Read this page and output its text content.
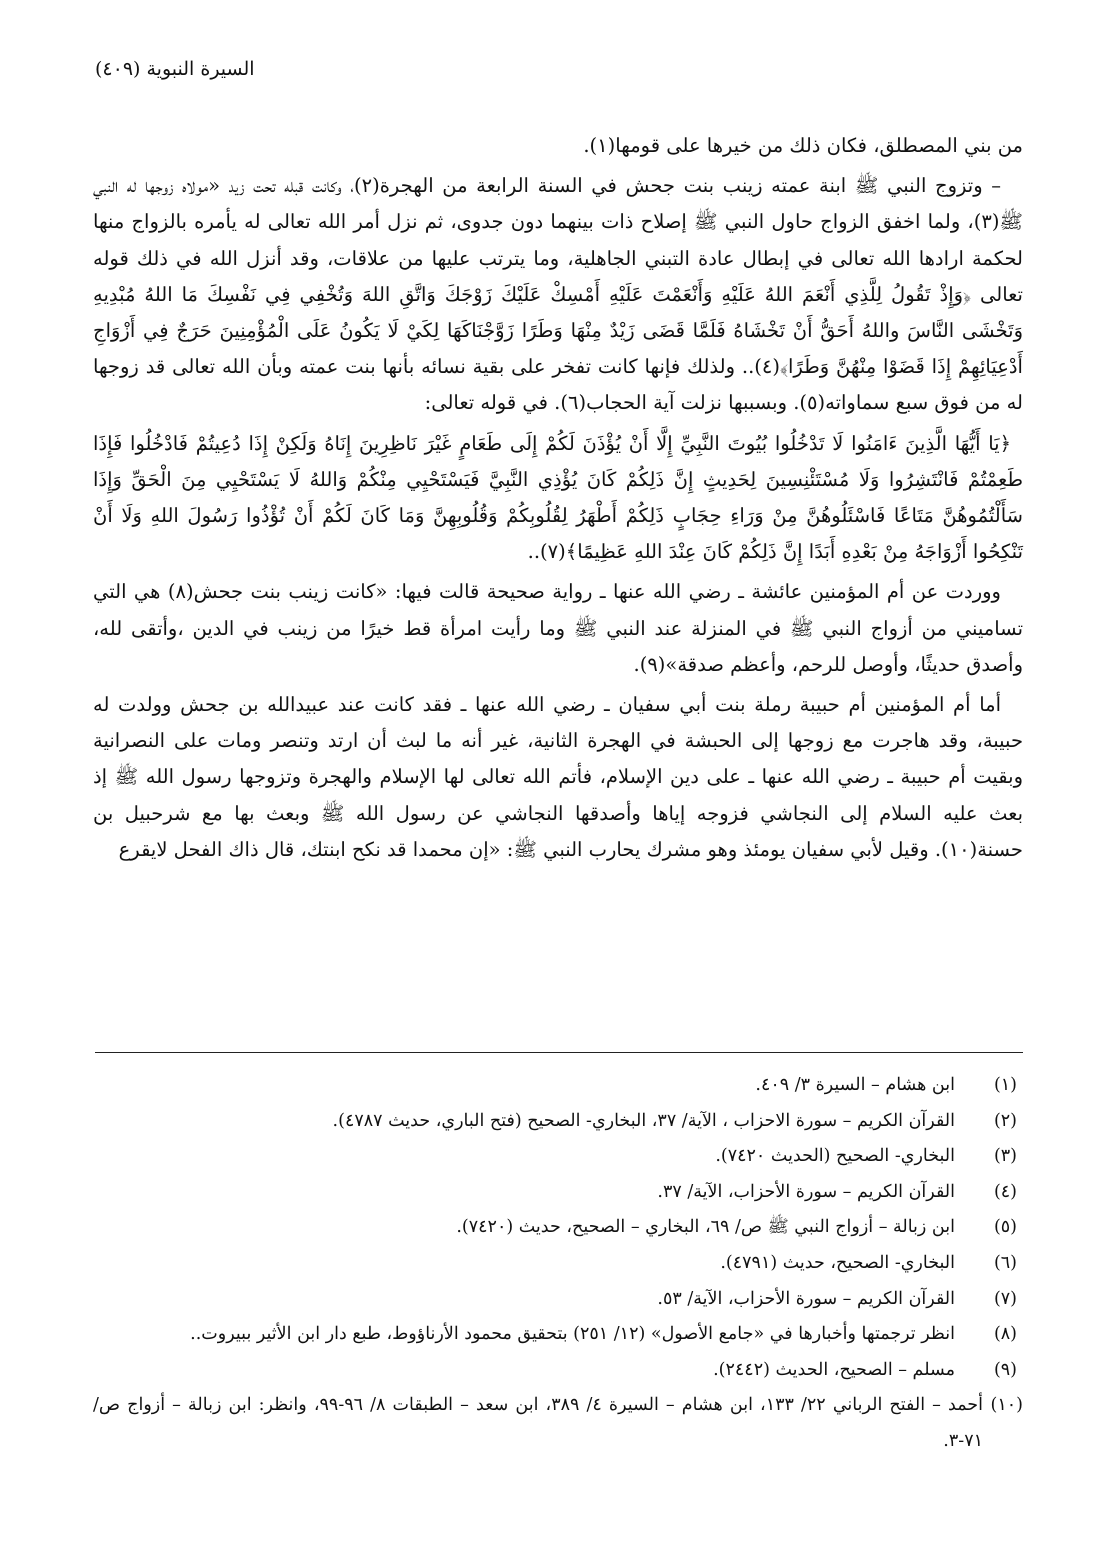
السيرة النبوية (٤٠٩)

من بني المصطلق، فكان ذلك من خيرها على قومها(١).

– وتزوج النبي ﷺ ابنة عمته زينب بنت جحش في السنة الرابعة من الهجرة(٢)، وكانت قبله تحت زيد «مولاه زوجها له النبي ﷺ(٣)، ولما اخفق الزواج حاول النبي ﷺ إصلاح ذات بينهما دون جدوى، ثم نزل أمر الله تعالى له يأمره بالزواج منها لحكمة ارادها الله تعالى في إبطال عادة التبني الجاهلية، وما يترتب عليها من علاقات، وقد أنزل الله في ذلك قوله تعالى ﴿وَإِذْ تَقُولُ لِلَّذِي أَنْعَمَ اللهُ عَلَيْهِ وَأَنْعَمْتَ عَلَيْهِ أَمْسِكْ عَلَيْكَ زَوْجَكَ وَاتَّقِ اللهَ وَتُخْفِي فِي نَفْسِكَ مَا اللهُ مُبْدِيهِ وَتَخْشَى النَّاسَ واللهُ أَحَقُّ أَنْ تَخْشَاهُ فَلَمَّا قَضَى زَيْدٌ مِنْهَا وَطَرًا زَوَّجْنَاكَهَا لِكَيْ لَا يَكُونُ عَلَى الْمُؤْمِنِينَ حَرَجٌ فِي أَزْوَاجِ أَدْعِيَائِهِمْ إِذَا قَضَوْا مِنْهُنَّ وَطَرًا﴾(٤).. ولذلك فإنها كانت تفخر على بقية نسائه بأنها بنت عمته وبأن الله تعالى قد زوجها له من فوق سبع سماواته(٥). وبسببها نزلت آية الحجاب(٦). في قوله تعالى:

﴿يَا أَيُّهَا الَّذِينَ ءَامَنُوا لَا تَدْخُلُوا بُيُوتَ النَّبِيِّ إِلَّا أَنْ يُؤْذَنَ لَكُمْ إِلَى طَعَامٍ غَيْرَ نَاظِرِينَ إِنَاهُ وَلَكِنْ إِذَا دُعِيتُمْ فَادْخُلُوا فَإِذَا طَعِمْتُمْ فَانْتَشِرُوا وَلَا مُسْتَئْنِسِينَ لِحَدِيثٍ إِنَّ ذَلِكُمْ كَانَ يُؤْذِي النَّبِيَّ فَيَسْتَحْيِي مِنْكُمْ وَاللهُ لَا يَسْتَحْيِي مِنَ الْحَقِّ وَإِذَا سَأَلْتُمُوهُنَّ مَتَاعًا فَاسْئَلُوهُنَّ مِنْ وَرَاءِ حِجَابٍ ذَلِكُمْ أَطْهَرُ لِقُلُوبِكُمْ وَقُلُوبِهِنَّ وَمَا كَانَ لَكُمْ أَنْ تُؤْذُوا رَسُولَ اللهِ وَلَا أَنْ تَنْكِحُوا أَزْوَاجَهُ مِنْ بَعْدِهِ أَبَدًا إِنَّ ذَلِكُمْ كَانَ عِنْدَ اللهِ عَظِيمًا﴾(٧)..

ووردت عن أم المؤمنين عائشة ـ رضي الله عنها ـ رواية صحيحة قالت فيها: «كانت زينب بنت جحش(٨) هي التي تساميني من أزواج النبي ﷺ في المنزلة عند النبي ﷺ وما رأيت امرأة قط خيرًا من زينب في الدين ،وأتقى لله، وأصدق حديثًا، وأوصل للرحم، وأعظم صدقة»(٩).

أما أم المؤمنين أم حبيبة رملة بنت أبي سفيان ـ رضي الله عنها ـ فقد كانت عند عبيدالله بن جحش وولدت له حبيبة، وقد هاجرت مع زوجها إلى الحبشة في الهجرة الثانية، غير أنه ما لبث أن ارتد وتنصر ومات على النصرانية وبقيت أم حبيبة ـ رضي الله عنها ـ على دين الإسلام، فأتم الله تعالى لها الإسلام والهجرة وتزوجها رسول الله ﷺ إذ بعث عليه السلام إلى النجاشي فزوجه إياها وأصدقها النجاشي عن رسول الله ﷺ وبعث بها مع شرحبيل بن حسنة(١٠). وقيل لأبي سفيان يومئذ وهو مشرك يحارب النبي ﷺ: «إن محمدا قد نكح ابنتك، قال ذاك الفحل لايقرع

(١)
ابن هشام – السيرة ٣/ ٤٠٩.
(٢)
القرآن الكريم – سورة الاحزاب ، الآية/ ٣٧، البخاري- الصحيح (فتح الباري، حديث ٤٧٨٧).
(٣)
البخاري- الصحيح (الحديث ٧٤٢٠).
(٤)
القرآن الكريم – سورة الأحزاب، الآية/ ٣٧.
(٥)
ابن زبالة – أزواج النبي ﷺ ص/ ٦٩، البخاري – الصحيح، حديث (٧٤٢٠).
(٦)
البخاري- الصحيح، حديث (٤٧٩١).
(٧)
القرآن الكريم – سورة الأحزاب، الآية/ ٥٣.
(٨)
انظر ترجمتها وأخبارها في «جامع الأصول» (١٢/ ٢٥١) بتحقيق محمود الأرناؤوط، طبع دار ابن الأثير ببيروت..
(٩)
مسلم – الصحيح، الحديث (٢٤٤٢).
(١٠)
أحمد – الفتح الرباني ٢٢/ ١٣٣، ابن هشام – السيرة ٤/ ٣٨٩، ابن سعد – الطبقات ٨/ ٩٦-٩٩، وانظر: ابن زبالة – أزواج ص/ ٧١-٣.
